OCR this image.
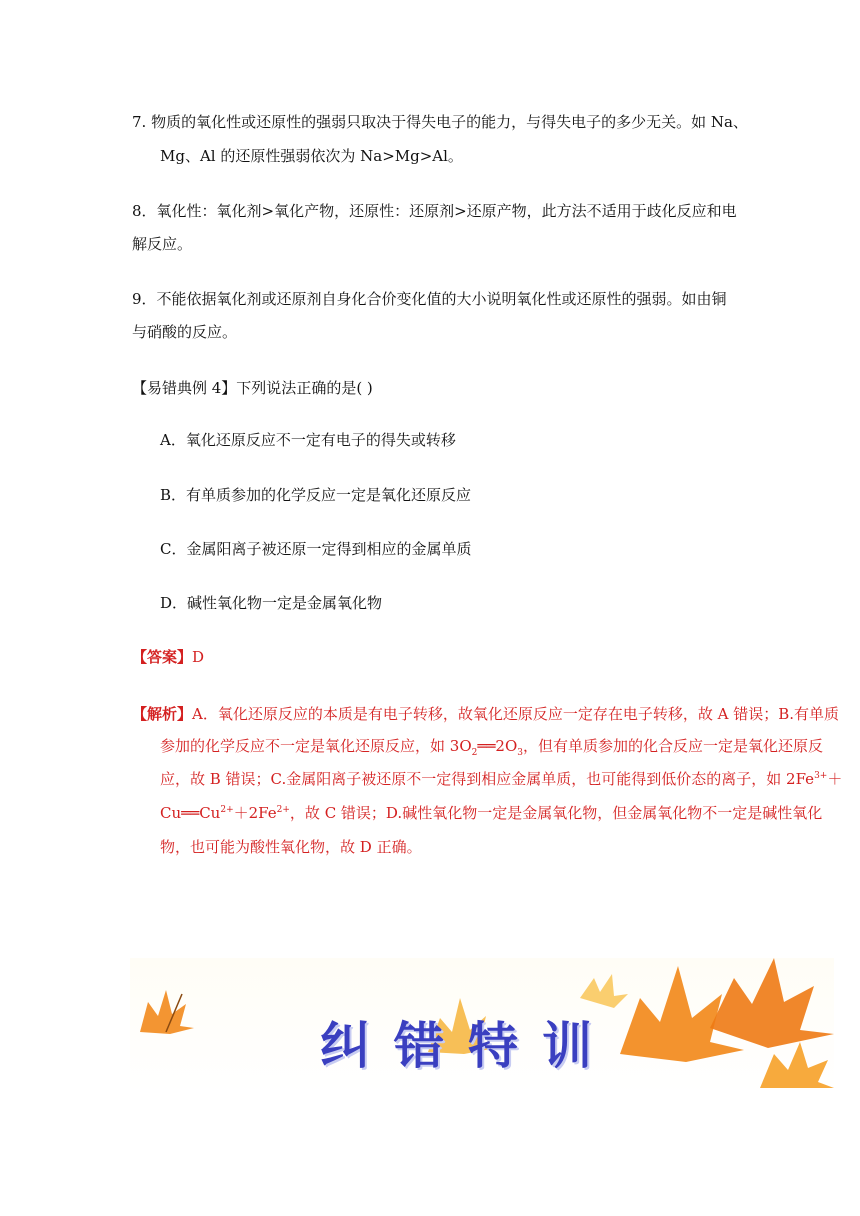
7. 物质的氧化性或还原性的强弱只取决于得失电子的能力，与得失电子的多少无关。如 Na、
Mg、Al 的还原性强弱依次为 Na>Mg>Al。
8．氧化性：氧化剂>氧化产物，还原性：还原剂>还原产物，此方法不适用于歧化反应和电
解反应。
9．不能依据氧化剂或还原剂自身化合价变化值的大小说明氧化性或还原性的强弱。如由铜
与硝酸的反应。
【易错典例 4】下列说法正确的是( )
A．氧化还原反应不一定有电子的得失或转移
B．有单质参加的化学反应一定是氧化还原反应
C．金属阳离子被还原一定得到相应的金属单质
D．碱性氧化物一定是金属氧化物
【答案】D
【解析】A．氧化还原反应的本质是有电子转移，故氧化还原反应一定存在电子转移，故 A 错误；B.有单质
参加的化学反应不一定是氧化还原反应，如 $3O_2══2O_3$，但有单质参加的化合反应一定是氧化还原反
应，故 B 错误；C.金属阳离子被还原不一定得到相应金属单质，也可能得到低价态的离子，如 $2Fe^{3+}+$
$Cu══Cu^{2+}+2Fe^{2+}$，故 C 错误；D.碱性氧化物一定是金属氧化物，但金属氧化物不一定是碱性氧化
物，也可能为酸性氧化物，故 D 正确。
纠错特训
